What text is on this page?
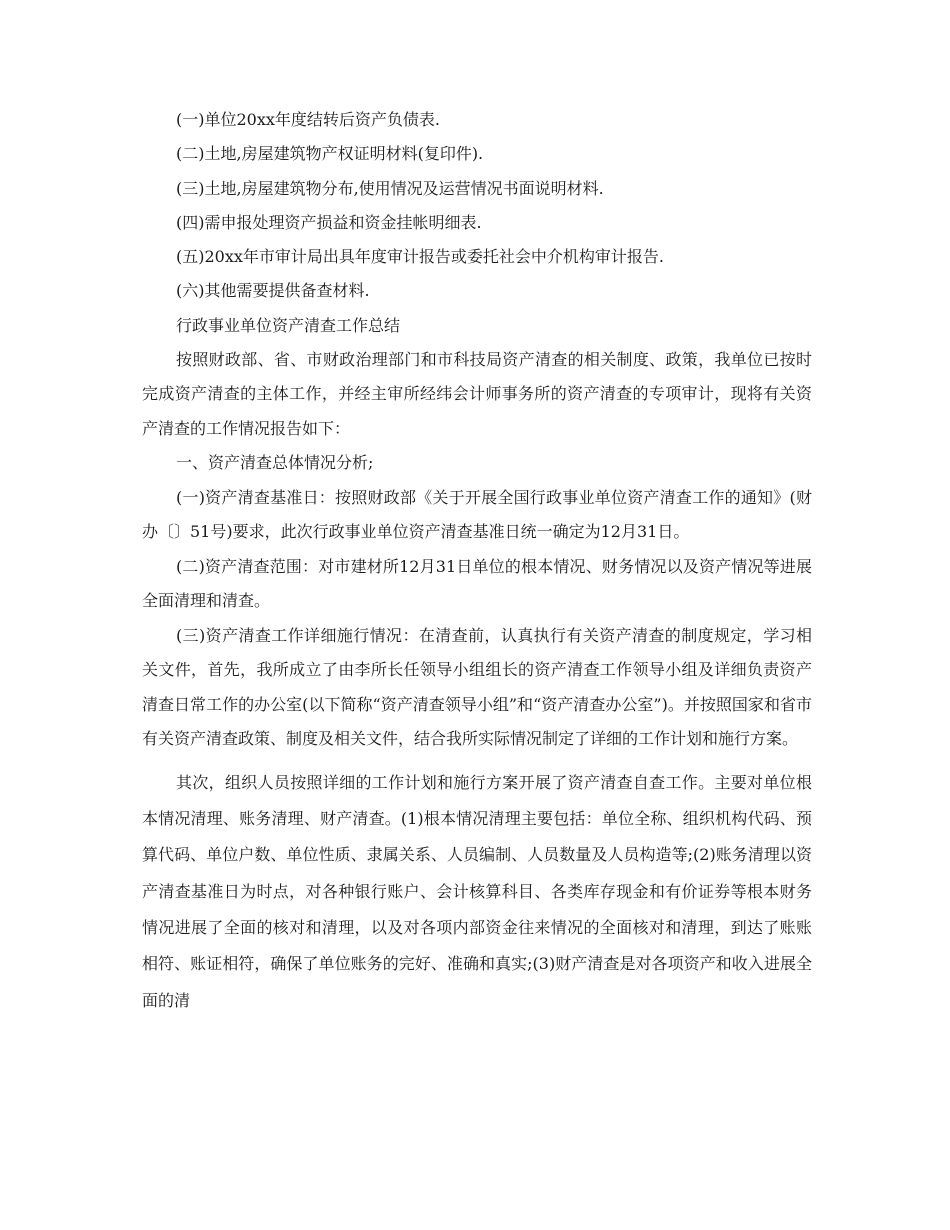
(一)单位20xx年度结转后资产负债表.
(二)土地,房屋建筑物产权证明材料(复印件).
(三)土地,房屋建筑物分布,使用情况及运营情况书面说明材料.
(四)需申报处理资产损益和资金挂帐明细表.
(五)20xx年市审计局出具年度审计报告或委托社会中介机构审计报告.
(六)其他需要提供备查材料.
行政事业单位资产清查工作总结

按照财政部、省、市财政治理部门和市科技局资产清查的相关制度、政策，我单位已按时完成资产清查的主体工作，并经主审所经纬会计师事务所的资产清查的专项审计，现将有关资产清查的工作情况报告如下：

一、资产清查总体情况分析;

(一)资产清查基准日：按照财政部《关于开展全国行政事业单位资产清查工作的通知》(财办〔〕51号)要求，此次行政事业单位资产清查基准日统一确定为12月31日。

(二)资产清查范围：对市建材所12月31日单位的根本情况、财务情况以及资产情况等进展全面清理和清查。

(三)资产清查工作详细施行情况：在清查前，认真执行有关资产清查的制度规定，学习相关文件，首先，我所成立了由李所长任领导小组组长的资产清查工作领导小组及详细负责资产清查日常工作的办公室(以下简称“资产清查领导小组”和“资产清查办公室”)。并按照国家和省市有关资产清查政策、制度及相关文件，结合我所实际情况制定了详细的工作计划和施行方案。

其次，组织人员按照详细的工作计划和施行方案开展了资产清查自查工作。主要对单位根本情况清理、账务清理、财产清查。(1)根本情况清理主要包括：单位全称、组织机构代码、预算代码、单位户数、单位性质、隶属关系、人员编制、人员数量及人员构造等;(2)账务清理以资产清查基准日为时点，对各种银行账户、会计核算科目、各类库存现金和有价证券等根本财务情况进展了全面的核对和清理，以及对各项内部资金往来情况的全面核对和清理，到达了账账相符、账证相符，确保了单位账务的完好、准确和真实;(3)财产清查是对各项资产和收入进展全面的清
